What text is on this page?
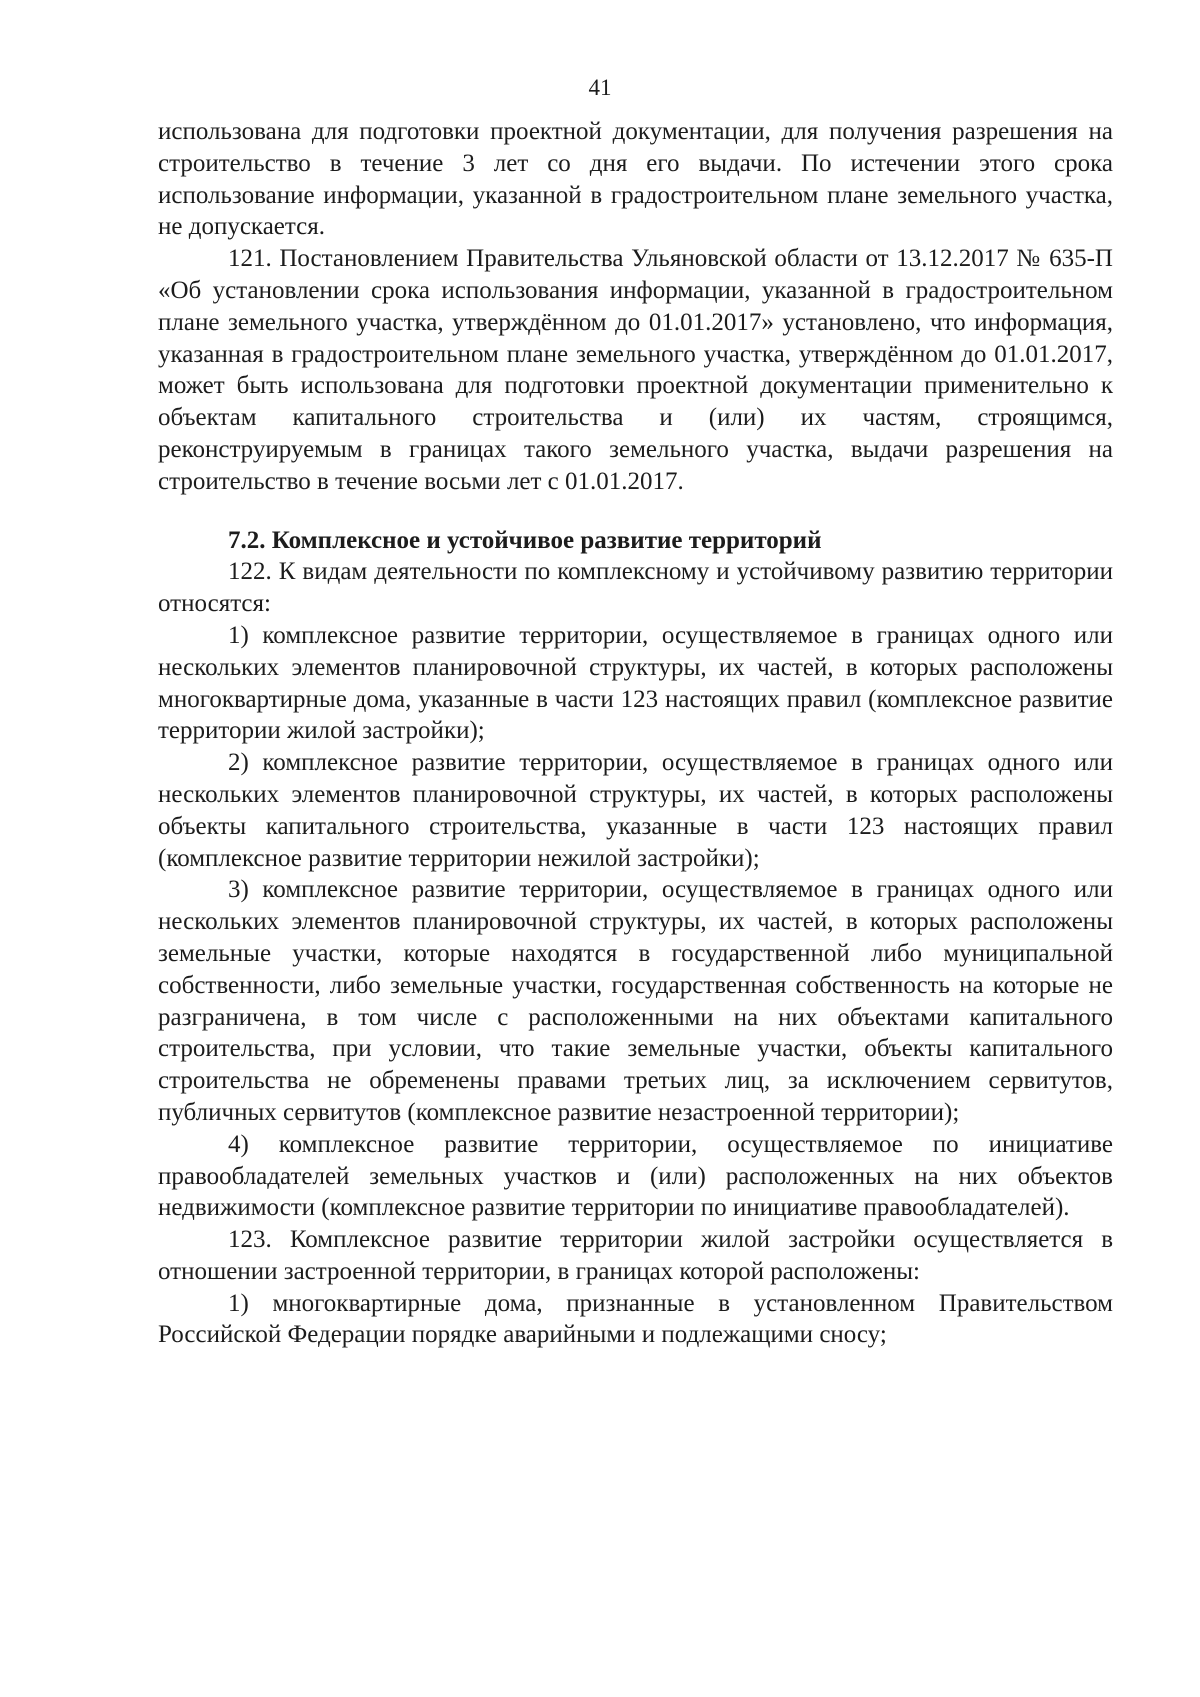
41

использована для подготовки проектной документации, для получения разрешения на строительство в течение 3 лет со дня его выдачи. По истечении этого срока использование информации, указанной в градостроительном плане земельного участка, не допускается.

121. Постановлением Правительства Ульяновской области от 13.12.2017 № 635-П «Об установлении срока использования информации, указанной в градостроительном плане земельного участка, утверждённом до 01.01.2017» установлено, что информация, указанная в градостроительном плане земельного участка, утверждённом до 01.01.2017, может быть использована для подготовки проектной документации применительно к объектам капитального строительства и (или) их частям, строящимся, реконструируемым в границах такого земельного участка, выдачи разрешения на строительство в течение восьми лет с 01.01.2017.

7.2. Комплексное и устойчивое развитие территорий

122. К видам деятельности по комплексному и устойчивому развитию территории относятся:

1) комплексное развитие территории, осуществляемое в границах одного или нескольких элементов планировочной структуры, их частей, в которых расположены многоквартирные дома, указанные в части 123 настоящих правил (комплексное развитие территории жилой застройки);

2) комплексное развитие территории, осуществляемое в границах одного или нескольких элементов планировочной структуры, их частей, в которых расположены объекты капитального строительства, указанные в части 123 настоящих правил (комплексное развитие территории нежилой застройки);

3) комплексное развитие территории, осуществляемое в границах одного или нескольких элементов планировочной структуры, их частей, в которых расположены земельные участки, которые находятся в государственной либо муниципальной собственности, либо земельные участки, государственная собственность на которые не разграничена, в том числе с расположенными на них объектами капитального строительства, при условии, что такие земельные участки, объекты капитального строительства не обременены правами третьих лиц, за исключением сервитутов, публичных сервитутов (комплексное развитие незастроенной территории);

4) комплексное развитие территории, осуществляемое по инициативе правообладателей земельных участков и (или) расположенных на них объектов недвижимости (комплексное развитие территории по инициативе правообладателей).

123. Комплексное развитие территории жилой застройки осуществляется в отношении застроенной территории, в границах которой расположены:

1) многоквартирные дома, признанные в установленном Правительством Российской Федерации порядке аварийными и подлежащими сносу;
